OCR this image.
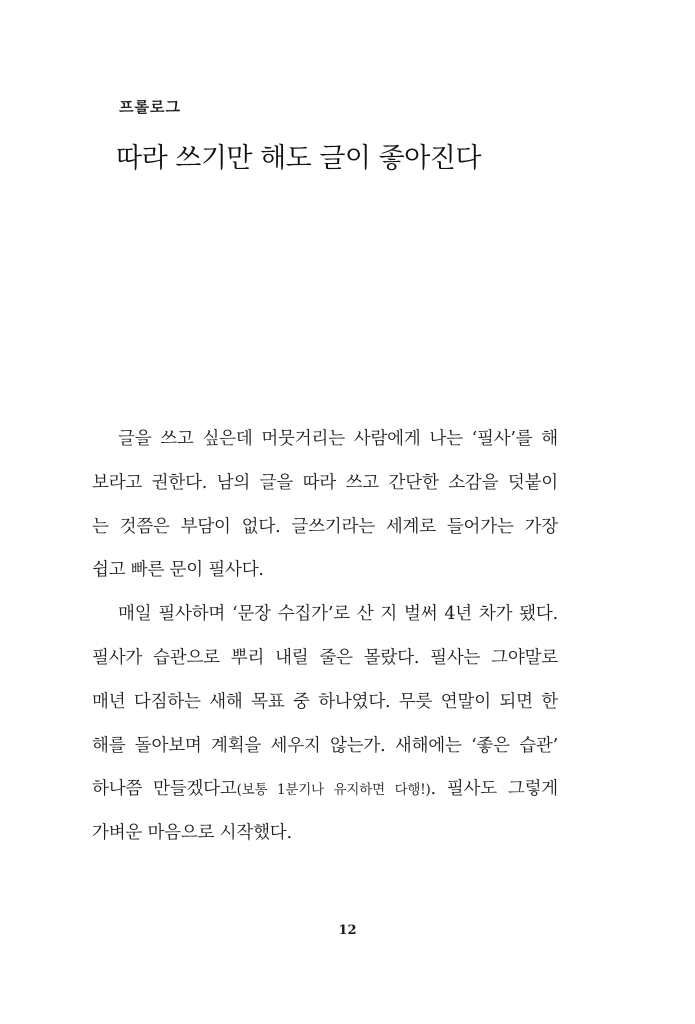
프롤로그
따라 쓰기만 해도 글이 좋아진다
글을 쓰고 싶은데 머뭇거리는 사람에게 나는 ‘필사’를 해
보라고 권한다. 남의 글을 따라 쓰고 간단한 소감을 덧붙이
는 것쯤은 부담이 없다. 글쓰기라는 세계로 들어가는 가장
쉽고 빠른 문이 필사다.
매일 필사하며 ‘문장 수집가’로 산 지 벌써 4년 차가 됐다.
필사가 습관으로 뿌리 내릴 줄은 몰랐다. 필사는 그야말로
매년 다짐하는 새해 목표 중 하나였다. 무릇 연말이 되면 한
해를 돌아보며 계획을 세우지 않는가. 새해에는 ‘좋은 습관’
하나쯤 만들겠다고(보통 1분기나 유지하면 다행!). 필사도 그렇게
가벼운 마음으로 시작했다.
12
